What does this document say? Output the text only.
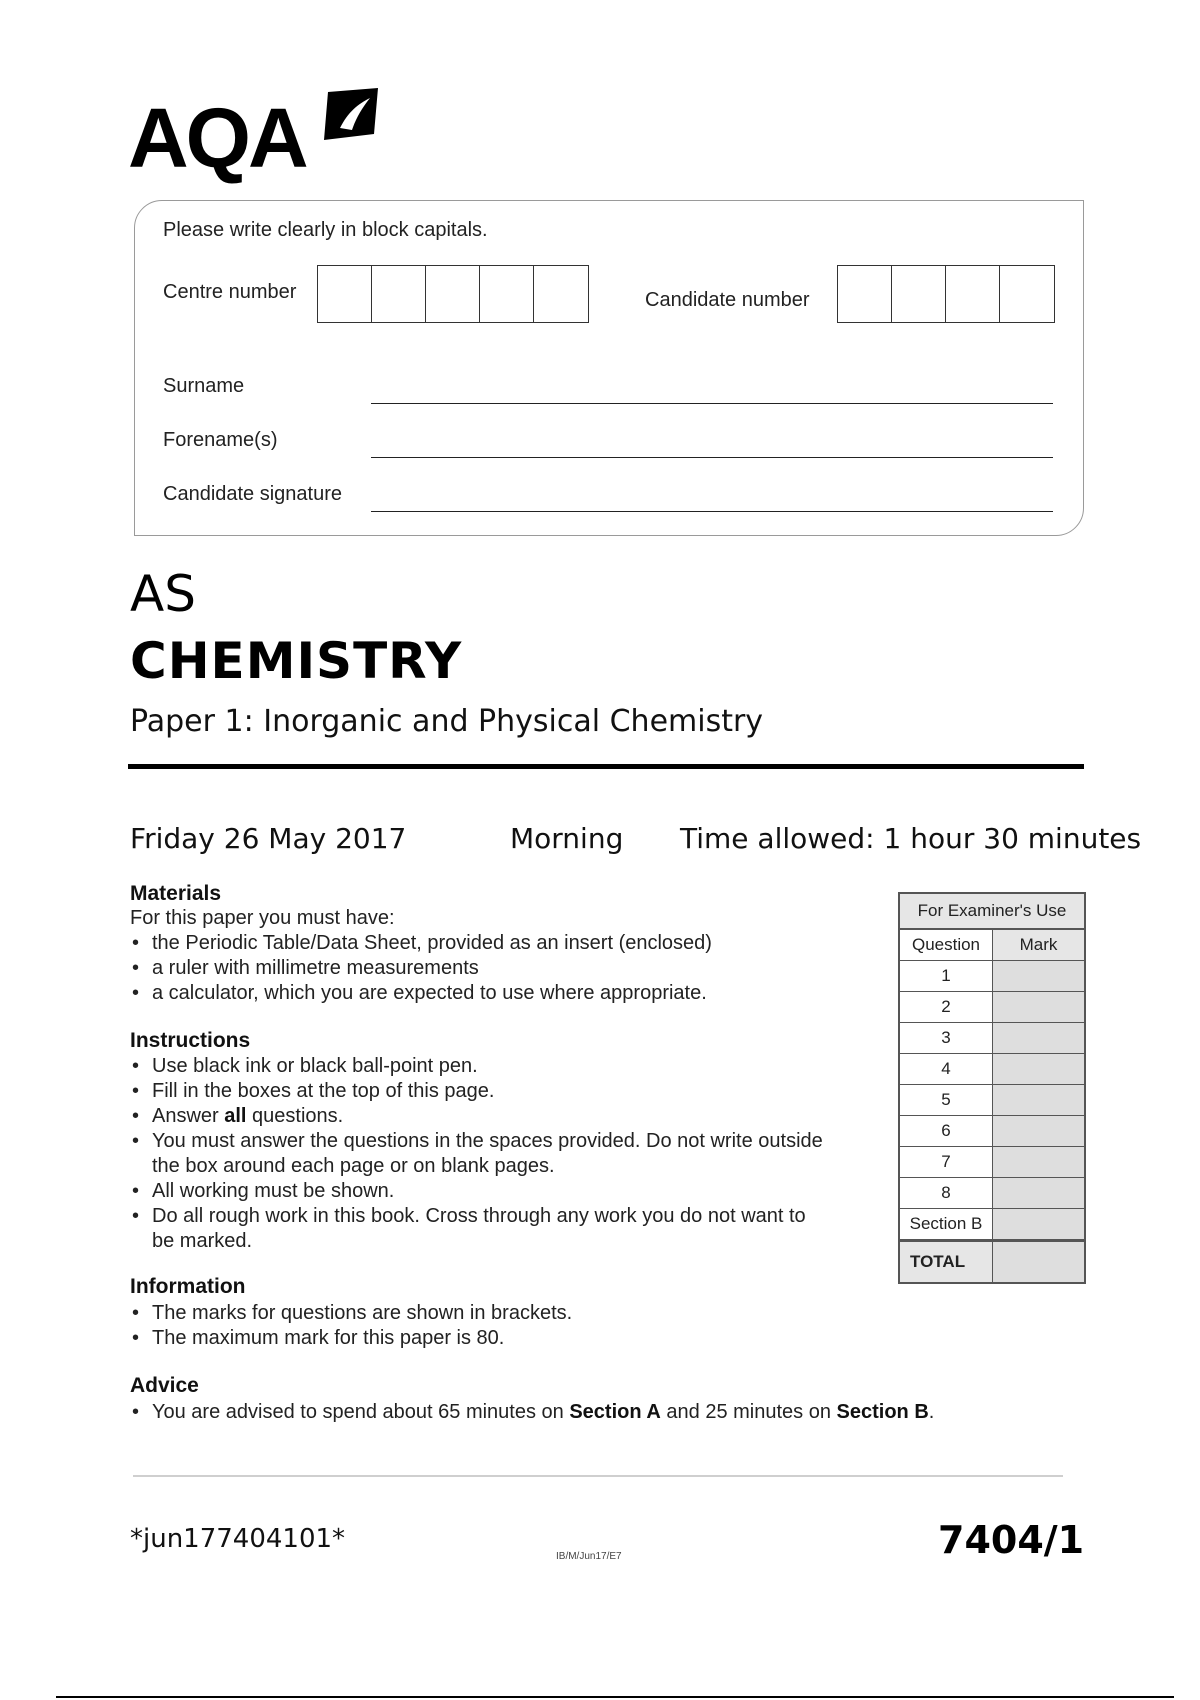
AQA
Please write clearly in block capitals.
Centre number	Candidate number
Surname
Forename(s)
Candidate signature
AS
CHEMISTRY
Paper 1: Inorganic and Physical Chemistry
Friday 26 May 2017	Morning Time allowed: 1 hour 30 minutes
Materials
For this paper you must have:
• the Periodic Table/Data Sheet, provided as an insert (enclosed)
• a ruler with millimetre measurements
• a calculator, which you are expected to use where appropriate.
Instructions
• Use black ink or black ball-point pen.
• Fill in the boxes at the top of this page.
• Answer all questions.
• You must answer the questions in the spaces provided. Do not write outside the box around each page or on blank pages.
• All working must be shown.
• Do all rough work in this book. Cross through any work you do not want to be marked.
Information
• The marks for questions are shown in brackets.
• The maximum mark for this paper is 80.
Advice
• You are advised to spend about 65 minutes on Section A and 25 minutes on Section B.
For Examiner's Use
Question	Mark
1
2
3
4
5
6
7
8
Section B
TOTAL
*jun177404101*
IB/M/Jun17/E7	7404/1
